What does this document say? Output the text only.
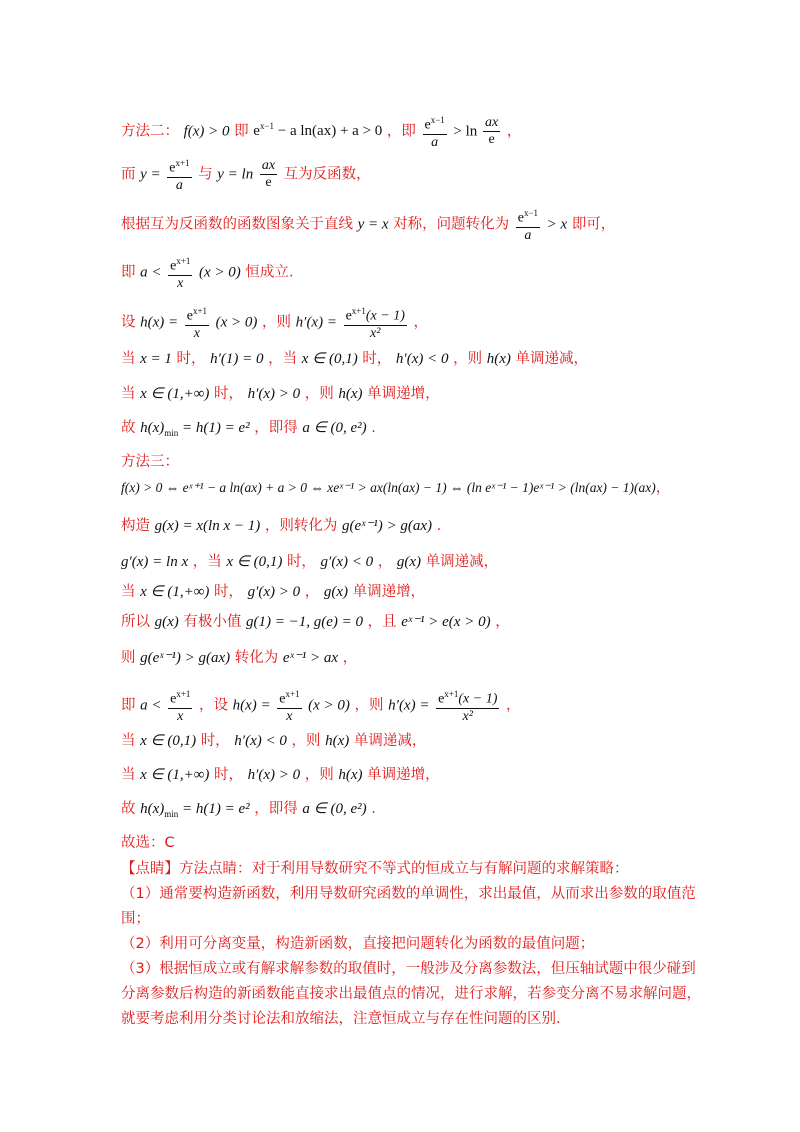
方法二： f(x) > 0 即 $e^{x-1} - a$ ln(ax) + a > 0 ，即 $\frac{e^{x-1}}{a} > \ln \frac{ax}{e}$ ，
而 $y = \frac{e^{x+1}}{a}$ 与 $y = \ln \frac{ax}{e}$ 互为反函数，
根据互为反函数的函数图象关于直线 y = x 对称，问题转化为 $\frac{e^{x-1}}{a} > x$ 即可，
即 $a < \frac{e^{x+1}}{x} (x > 0)$ 恒成立.
设 $h(x) = \frac{e^{x+1}}{x} (x > 0)$ ，则 $h'(x) = \frac{e^{x+1}(x - 1)}{\text{x²}}$ ，
当 x = 1 时， h′(1) = 0 ，当 x ∈ (0,1) 时， h′(x) < 0 ，则 h(x) 单调递减，
当 x ∈ (1,+∞) 时， h′(x) > 0 ，则 h(x) 单调递增，
故 $h(x)_{min} = h(1) = e^2$ ，即得 a ∈ (0, e²) .
方法三：
f(x) > 0 ⇔ eˣ⁺¹ − a ln(ax) + a > 0 ⇔ xeˣ⁻¹ > ax(ln(ax) − 1) ⇔ (ln eˣ⁻¹ − 1)eˣ⁻¹ > (ln(ax) − 1)(ax)，
构造 g(x) = x(ln x − 1) ，则转化为 g(eˣ⁻¹) > g(ax) .
g′(x) = ln x ，当 x ∈ (0,1) 时， g′(x) < 0 ， g(x) 单调递减，
当 x ∈ (1,+∞) 时， g′(x) > 0 ， g(x) 单调递增，
所以 g(x) 有极小值 g(1) = −1, g(e) = 0 ，且 eˣ⁻¹ > e(x > 0) ，
则 g(eˣ⁻¹) > g(ax) 转化为 eˣ⁻¹ > ax ，
即 $a < \frac{e^{x+1}}{x}$ ，设 $h(x) = \frac{e^{x+1}}{x} (x > 0)$ ，则 $h'(x) = \frac{e^{x+1}(x - 1)}{\text{x²}}$ ，
当 x ∈ (0,1) 时， h′(x) < 0 ，则 h(x) 单调递减，
当 x ∈ (1,+∞) 时， h′(x) > 0 ，则 h(x) 单调递增，
故 $h(x)_{min} = h(1) = e^2$ ，即得 a ∈ (0, e²) .
故选：C
【点睛】方法点睛：对于利用导数研究不等式的恒成立与有解问题的求解策略：
（1）通常要构造新函数，利用导数研究函数的单调性，求出最值，从而求出参数的取值范围；
（2）利用可分离变量，构造新函数，直接把问题转化为函数的最值问题；
（3）根据恒成立或有解求解参数的取值时，一般涉及分离参数法，但压轴试题中很少碰到分离参数后构造的新函数能直接求出最值点的情况，进行求解，若参变分离不易求解问题，就要考虑利用分类讨论法和放缩法，注意恒成立与存在性问题的区别.
